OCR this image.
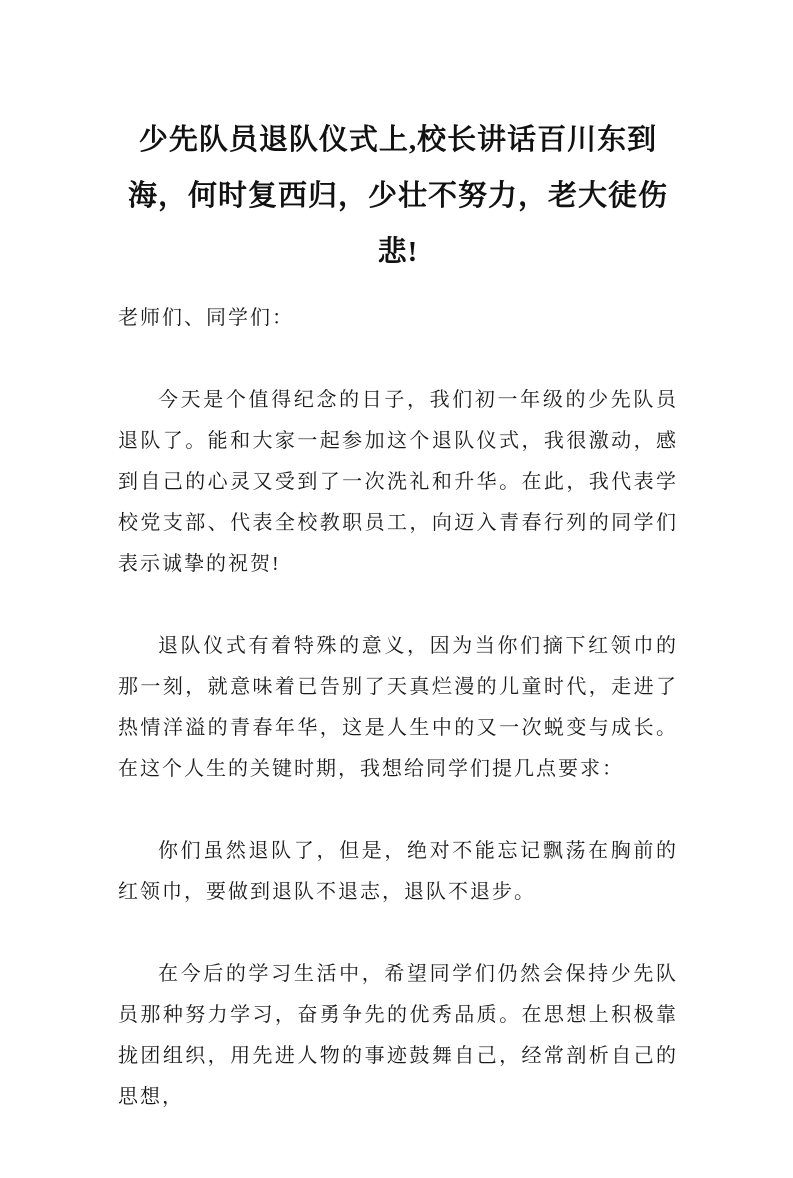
少先队员退队仪式上,校长讲话百川东到海，何时复西归，少壮不努力，老大徒伤悲!

老师们、同学们：

今天是个值得纪念的日子，我们初一年级的少先队员退队了。能和大家一起参加这个退队仪式，我很激动，感到自己的心灵又受到了一次洗礼和升华。在此，我代表学校党支部、代表全校教职员工，向迈入青春行列的同学们表示诚挚的祝贺!

退队仪式有着特殊的意义，因为当你们摘下红领巾的那一刻，就意味着已告别了天真烂漫的儿童时代，走进了热情洋溢的青春年华，这是人生中的又一次蜕变与成长。在这个人生的关键时期，我想给同学们提几点要求：

你们虽然退队了，但是，绝对不能忘记飘荡在胸前的红领巾，要做到退队不退志，退队不退步。

在今后的学习生活中，希望同学们仍然会保持少先队员那种努力学习，奋勇争先的优秀品质。在思想上积极靠拢团组织，用先进人物的事迹鼓舞自己，经常剖析自己的思想，
